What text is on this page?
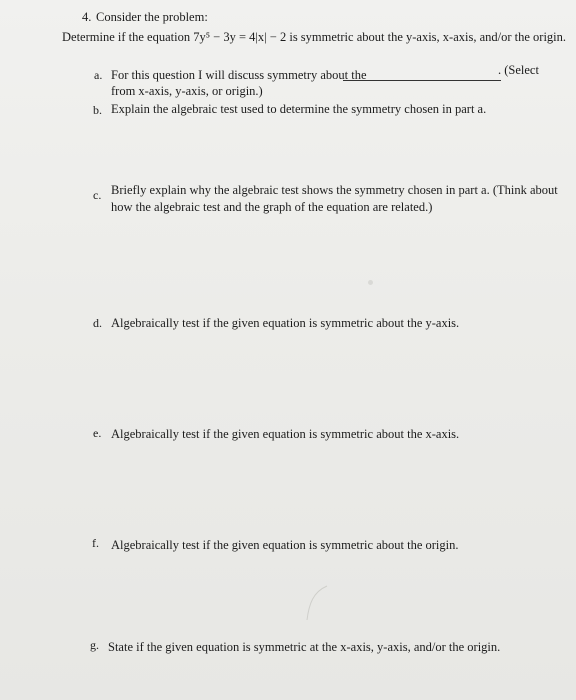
4. Consider the problem:
Determine if the equation 7y⁵ − 3y = 4|x| − 2 is symmetric about the y-axis, x-axis, and/or the origin.
a. For this question I will discuss symmetry about the	. (Select
from x-axis, y-axis, or origin.)
b. Explain the algebraic test used to determine the symmetry chosen in part a.
c. Briefly explain why the algebraic test shows the symmetry chosen in part a. (Think about
how the algebraic test and the graph of the equation are related.)
d. Algebraically test if the given equation is symmetric about the y-axis.
e. Algebraically test if the given equation is symmetric about the x-axis.
f. Algebraically test if the given equation is symmetric about the origin.
g. State if the given equation is symmetric at the x-axis, y-axis, and/or the origin.
